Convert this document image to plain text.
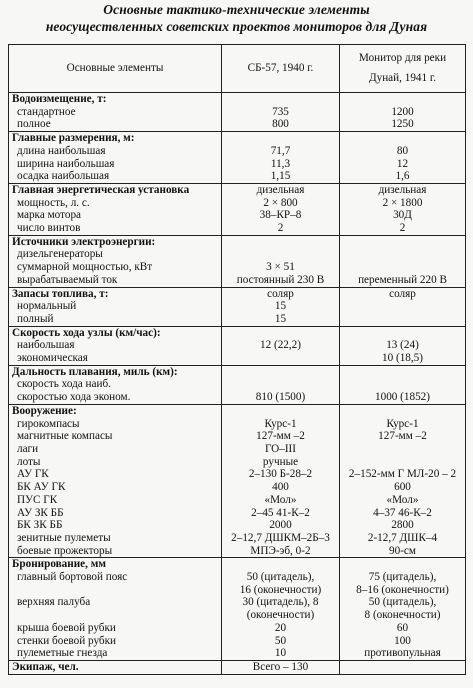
Основные тактико-технические элементы
неосуществленных советских проектов мониторов для Дуная
Основные элементы	СБ-57, 1940 г.	Монитор для реки
Дунай, 1941 г.

Водоизмещение, т:		
стандартное	735	1200
полное	800	1250
Главные размерения, м:		
длина наибольшая	71,7	80
ширина наибольшая	11,3	12
осадка наибольшая	1,15	1,6
Главная энергетическая установка	дизельная	дизельная
мощность, л. с.	2 × 800	2 × 1800
марка мотора	38–КР–8	30Д
число винтов	2	2
Источники электроэнергии:		
дизельгенераторы		
суммарной мощностью, кВт	3 × 51	
вырабатываемый ток	постоянный 230 В	переменный 220 В
Запасы топлива, т:	соляр	соляр
нормальный	15	
полный	15	
Скорость хода узлы (км/час):		
наибольшая	12 (22,2)	13 (24)
экономическая		10 (18,5)
Дальность плавания, миль (км):		
скорость хода наиб.		
скоростью хода эконом.	810 (1500)	1000 (1852)
Вооружение:		
гирокомпасы	Курс-1	Курс-1
магнитные компасы	127-мм –2	127-мм –2
лаги	ГО–III	
лоты	ручные	
АУ ГК	2–130 Б-28–2	2–152-мм Г МЛ-20 – 2
БК АУ ГК	400	600
ПУС ГК	«Мол»	«Мол»
АУ ЗК ББ	2–45 41-К–2	4–37 46-К–2
БК ЗК ББ	2000	2800
зенитные пулеметы	2–12,7 ДШКМ–2Б–3	2-12,7 ДШК–4
боевые прожекторы	МПЭ-эб, 0-2	90-см
Бронирование, мм		
главный бортовой пояс	50 (цитадель),	75 (цитадель),
	16 (оконечности)	8–16 (оконечности)
верхняя палуба	30 (цитадель), 8	50 (цитадель),
	(оконечности)	8 (оконечности)
крыша боевой рубки	20	60
стенки боевой рубки	50	100
пулеметные гнезда	10	противопульная
Экипаж, чел.	Всего – 130	
